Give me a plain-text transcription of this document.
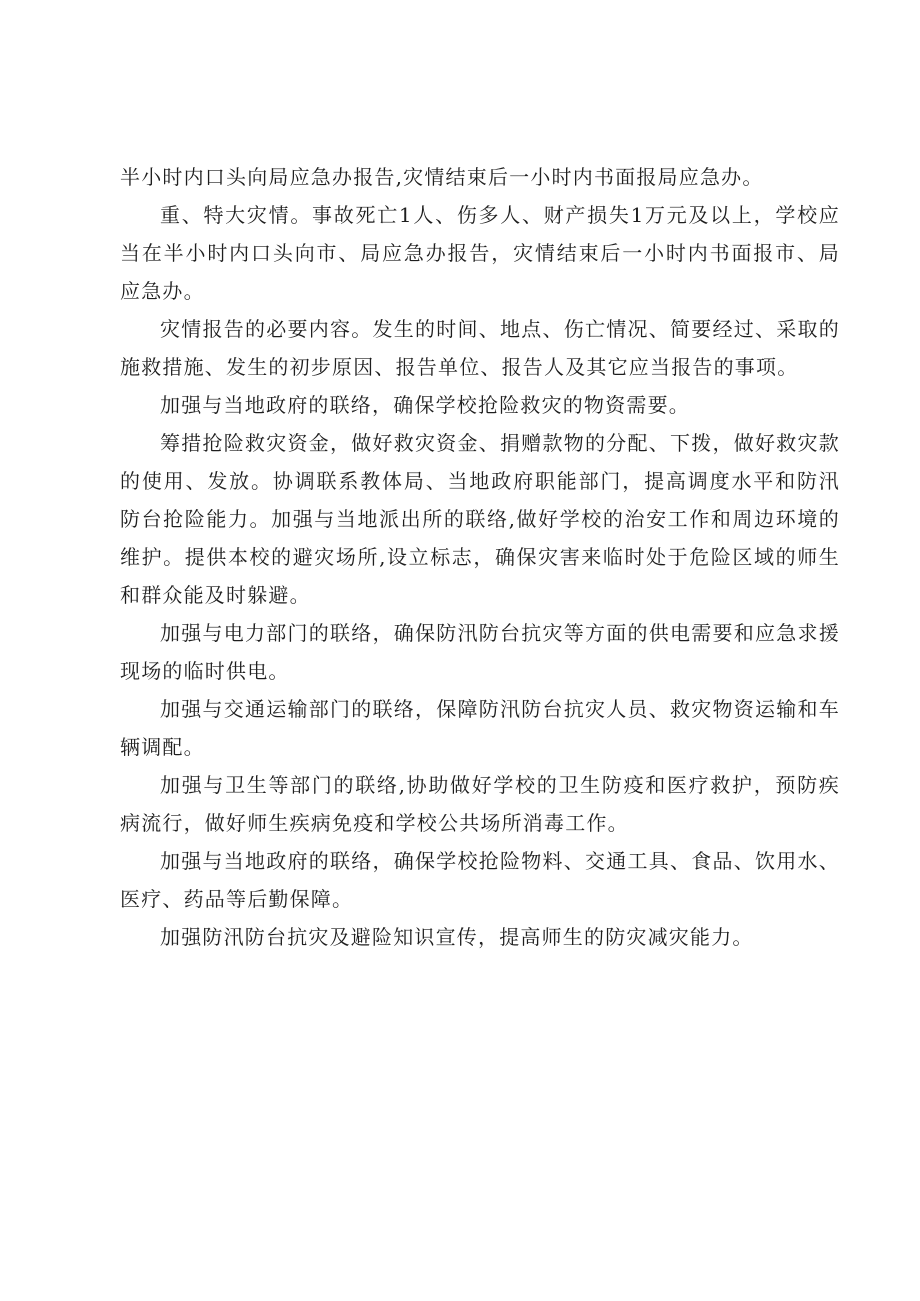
半小时内口头向局应急办报告,灾情结束后一小时内书面报局应急办。

重、特大灾情。事故死亡1人、伤多人、财产损失1万元及以上，学校应当在半小时内口头向市、局应急办报告，灾情结束后一小时内书面报市、局应急办。

灾情报告的必要内容。发生的时间、地点、伤亡情况、简要经过、采取的施救措施、发生的初步原因、报告单位、报告人及其它应当报告的事项。

加强与当地政府的联络，确保学校抢险救灾的物资需要。

筹措抢险救灾资金，做好救灾资金、捐赠款物的分配、下拨，做好救灾款的使用、发放。协调联系教体局、当地政府职能部门，提高调度水平和防汛防台抢险能力。加强与当地派出所的联络,做好学校的治安工作和周边环境的维护。提供本校的避灾场所,设立标志，确保灾害来临时处于危险区域的师生和群众能及时躲避。

加强与电力部门的联络，确保防汛防台抗灾等方面的供电需要和应急求援现场的临时供电。

加强与交通运输部门的联络，保障防汛防台抗灾人员、救灾物资运输和车辆调配。

加强与卫生等部门的联络,协助做好学校的卫生防疫和医疗救护，预防疾病流行，做好师生疾病免疫和学校公共场所消毒工作。

加强与当地政府的联络，确保学校抢险物料、交通工具、食品、饮用水、医疗、药品等后勤保障。

加强防汛防台抗灾及避险知识宣传，提高师生的防灾减灾能力。
